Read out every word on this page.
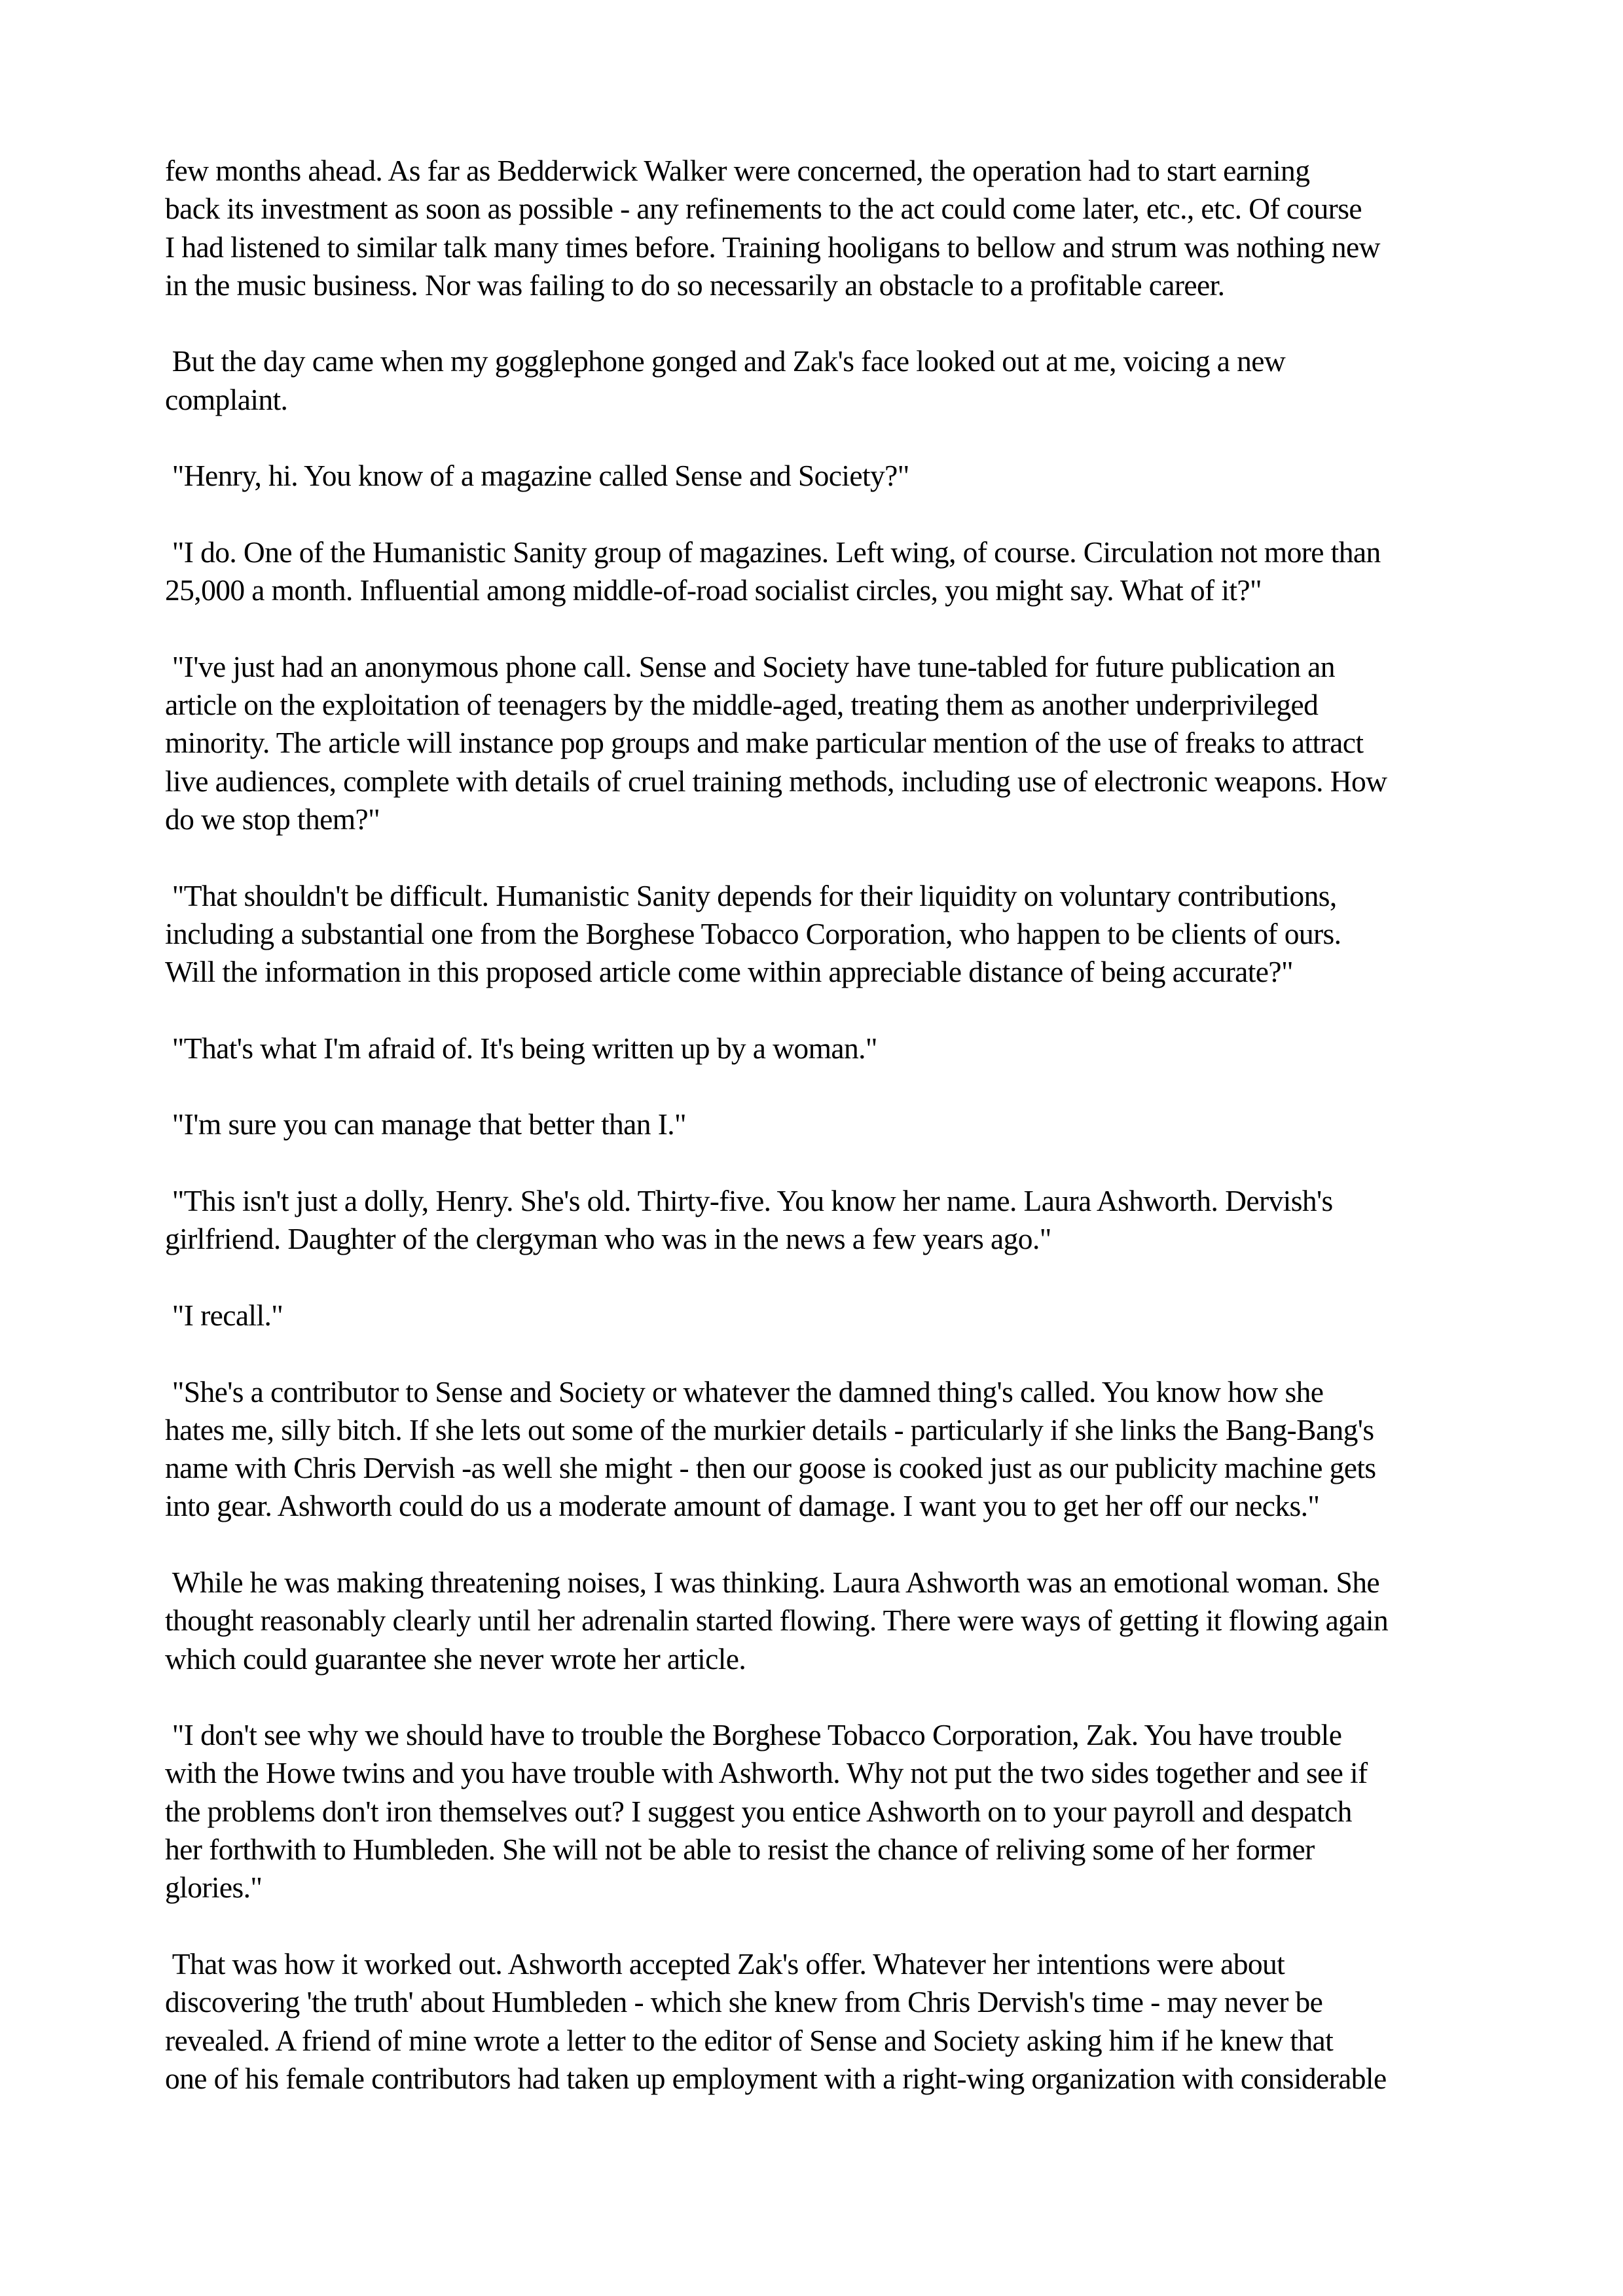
few months ahead. As far as Bedderwick Walker were concerned, the operation had to start earning
back its investment as soon as possible - any refinements to the act could come later, etc., etc. Of course
I had listened to similar talk many times before. Training hooligans to bellow and strum was nothing new
in the music business. Nor was failing to do so necessarily an obstacle to a profitable career.

But the day came when my gogglephone gonged and Zak's face looked out at me, voicing a new
complaint.

"Henry, hi. You know of a magazine called Sense and Society?"

"I do. One of the Humanistic Sanity group of magazines. Left wing, of course. Circulation not more than
25,000 a month. Influential among middle-of-road socialist circles, you might say. What of it?"

"I've just had an anonymous phone call. Sense and Society have tune-tabled for future publication an
article on the exploitation of teenagers by the middle-aged, treating them as another underprivileged
minority. The article will instance pop groups and make particular mention of the use of freaks to attract
live audiences, complete with details of cruel training methods, including use of electronic weapons. How
do we stop them?"

"That shouldn't be difficult. Humanistic Sanity depends for their liquidity on voluntary contributions,
including a substantial one from the Borghese Tobacco Corporation, who happen to be clients of ours.
Will the information in this proposed article come within appreciable distance of being accurate?"

"That's what I'm afraid of. It's being written up by a woman."

"I'm sure you can manage that better than I."

"This isn't just a dolly, Henry. She's old. Thirty-five. You know her name. Laura Ashworth. Dervish's
girlfriend. Daughter of the clergyman who was in the news a few years ago."

"I recall."

"She's a contributor to Sense and Society or whatever the damned thing's called. You know how she
hates me, silly bitch. If she lets out some of the murkier details - particularly if she links the Bang-Bang's
name with Chris Dervish -as well she might - then our goose is cooked just as our publicity machine gets
into gear. Ashworth could do us a moderate amount of damage. I want you to get her off our necks."

While he was making threatening noises, I was thinking. Laura Ashworth was an emotional woman. She
thought reasonably clearly until her adrenalin started flowing. There were ways of getting it flowing again
which could guarantee she never wrote her article.

"I don't see why we should have to trouble the Borghese Tobacco Corporation, Zak. You have trouble
with the Howe twins and you have trouble with Ashworth. Why not put the two sides together and see if
the problems don't iron themselves out? I suggest you entice Ashworth on to your payroll and despatch
her forthwith to Humbleden. She will not be able to resist the chance of reliving some of her former
glories."

That was how it worked out. Ashworth accepted Zak's offer. Whatever her intentions were about
discovering 'the truth' about Humbleden - which she knew from Chris Dervish's time - may never be
revealed. A friend of mine wrote a letter to the editor of Sense and Society asking him if he knew that
one of his female contributors had taken up employment with a right-wing organization with considerable
